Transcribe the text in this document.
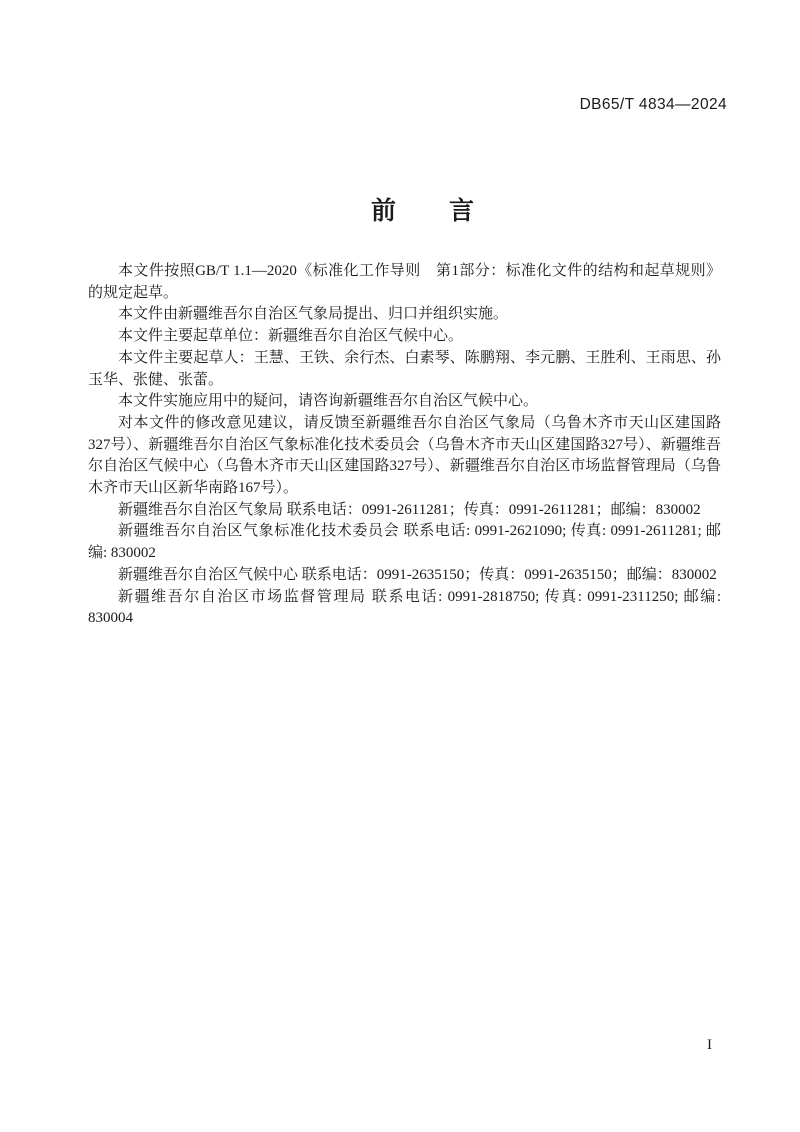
DB65/T 4834—2024
前　　言

本文件按照GB/T 1.1—2020《标准化工作导则　第1部分：标准化文件的结构和起草规则》的规定起草。

本文件由新疆维吾尔自治区气象局提出、归口并组织实施。

本文件主要起草单位：新疆维吾尔自治区气候中心。

本文件主要起草人：王慧、王铁、余行杰、白素琴、陈鹏翔、李元鹏、王胜利、王雨思、孙玉华、张健、张蕾。

本文件实施应用中的疑问，请咨询新疆维吾尔自治区气候中心。

对本文件的修改意见建议，请反馈至新疆维吾尔自治区气象局（乌鲁木齐市天山区建国路327号）、新疆维吾尔自治区气象标准化技术委员会（乌鲁木齐市天山区建国路327号）、新疆维吾尔自治区气候中心（乌鲁木齐市天山区建国路327号）、新疆维吾尔自治区市场监督管理局（乌鲁木齐市天山区新华南路167号）。

新疆维吾尔自治区气象局 联系电话：0991-2611281；传真：0991-2611281；邮编：830002

新疆维吾尔自治区气象标准化技术委员会 联系电话: 0991-2621090; 传真: 0991-2611281; 邮编: 830002

新疆维吾尔自治区气候中心 联系电话：0991-2635150；传真：0991-2635150；邮编：830002

新疆维吾尔自治区市场监督管理局 联系电话: 0991-2818750; 传真: 0991-2311250; 邮编: 830004

I
